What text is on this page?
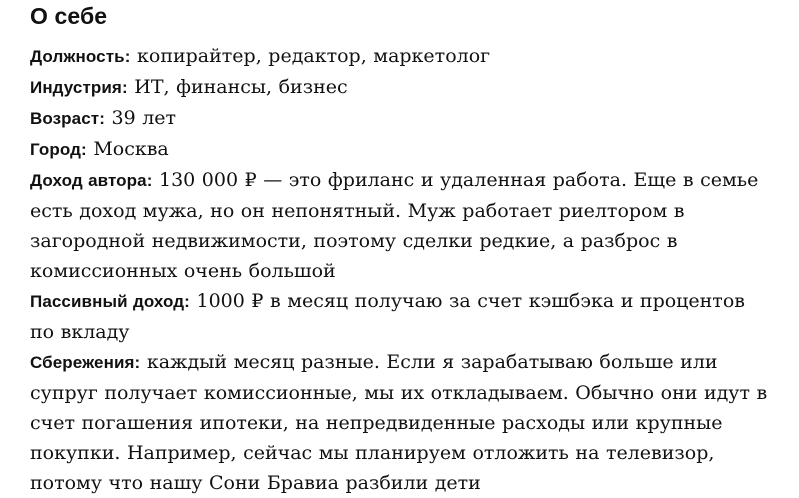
О себе

Должность: копирайтер, редактор, маркетолог

Индустрия: ИТ, финансы, бизнес

Возраст: 39 лет

Город: Москва

Доход автора: 130 000 ₽ — это фриланс и удаленная работа. Еще в семье есть доход мужа, но он непонятный. Муж работает риелтором в загородной недвижимости, поэтому сделки редкие, а разброс в комиссионных очень большой

Пассивный доход: 1000 ₽ в месяц получаю за счет кэшбэка и процентов по вкладу

Сбережения: каждый месяц разные. Если я зарабатываю больше или супруг получает комиссионные, мы их откладываем. Обычно они идут в счет погашения ипотеки, на непредвиденные расходы или крупные покупки. Например, сейчас мы планируем отложить на телевизор, потому что нашу Сони Бравиа разбили дети
